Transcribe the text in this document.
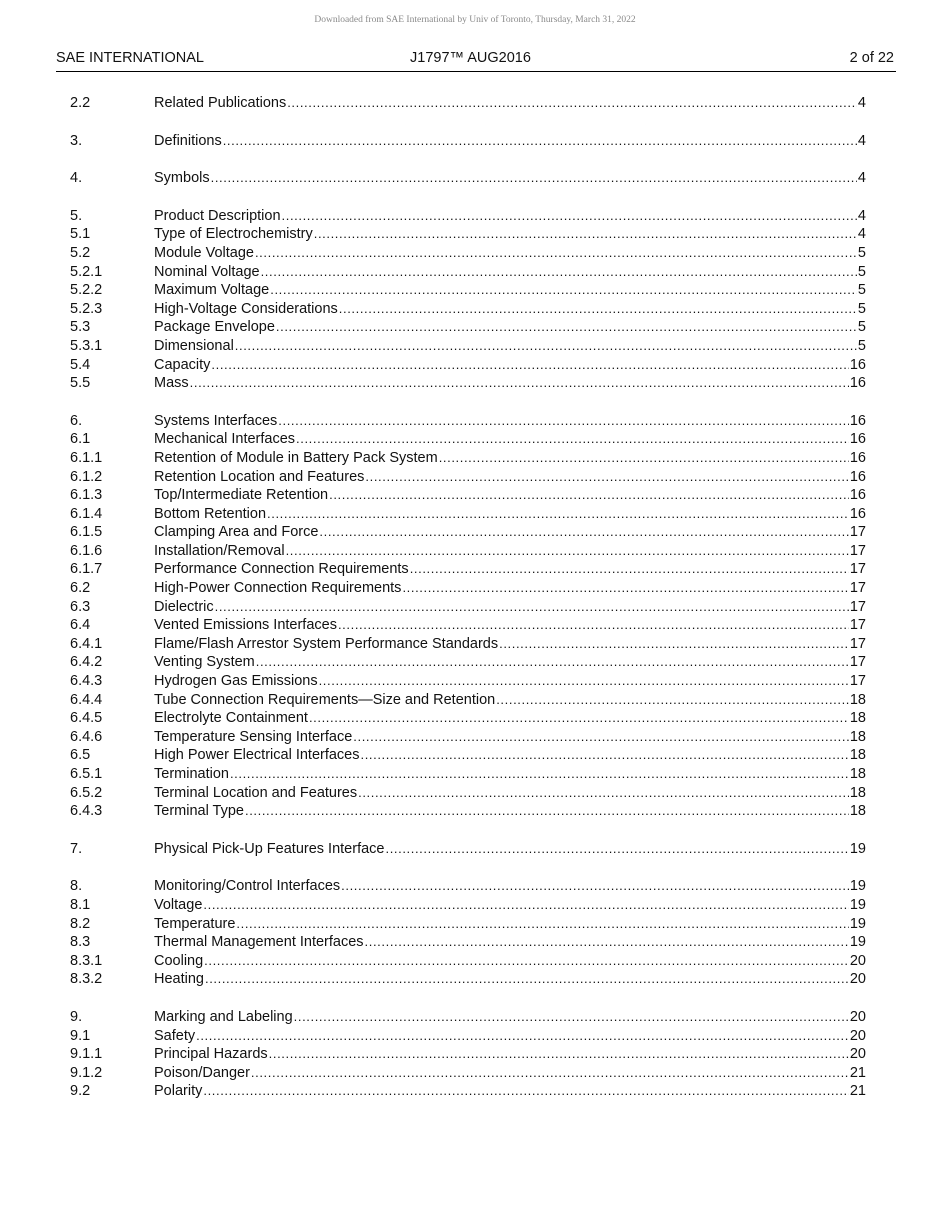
Downloaded from SAE International by Univ of Toronto, Thursday, March 31, 2022
SAE INTERNATIONAL	J1797™ AUG2016	2 of 22
2.2	Related Publications .....	4
3.	Definitions .....	4
4.	Symbols .....	4
5.	Product Description .....	4
5.1	Type of Electrochemistry .....	4
5.2	Module Voltage .....	5
5.2.1	Nominal Voltage .....	5
5.2.2	Maximum Voltage .....	5
5.2.3	High-Voltage Considerations .....	5
5.3	Package Envelope .....	5
5.3.1	Dimensional .....	5
5.4	Capacity .....	16
5.5	Mass .....	16
6.	Systems Interfaces .....	16
6.1	Mechanical Interfaces .....	16
6.1.1	Retention of Module in Battery Pack System .....	16
6.1.2	Retention Location and Features .....	16
6.1.3	Top/Intermediate Retention .....	16
6.1.4	Bottom Retention .....	16
6.1.5	Clamping Area and Force .....	17
6.1.6	Installation/Removal .....	17
6.1.7	Performance Connection Requirements .....	17
6.2	High-Power Connection Requirements .....	17
6.3	Dielectric .....	17
6.4	Vented Emissions Interfaces .....	17
6.4.1	Flame/Flash Arrestor System Performance Standards .....	17
6.4.2	Venting System .....	17
6.4.3	Hydrogen Gas Emissions .....	17
6.4.4	Tube Connection Requirements—Size and Retention .....	18
6.4.5	Electrolyte Containment .....	18
6.4.6	Temperature Sensing Interface .....	18
6.5	High Power Electrical Interfaces .....	18
6.5.1	Termination .....	18
6.5.2	Terminal Location and Features .....	18
6.4.3	Terminal Type .....	18
7.	Physical Pick-Up Features Interface .....	19
8.	Monitoring/Control Interfaces .....	19
8.1	Voltage .....	19
8.2	Temperature .....	19
8.3	Thermal Management Interfaces .....	19
8.3.1	Cooling .....	20
8.3.2	Heating .....	20
9.	Marking and Labeling .....	20
9.1	Safety .....	20
9.1.1	Principal Hazards .....	20
9.1.2	Poison/Danger .....	21
9.2	Polarity .....	21
